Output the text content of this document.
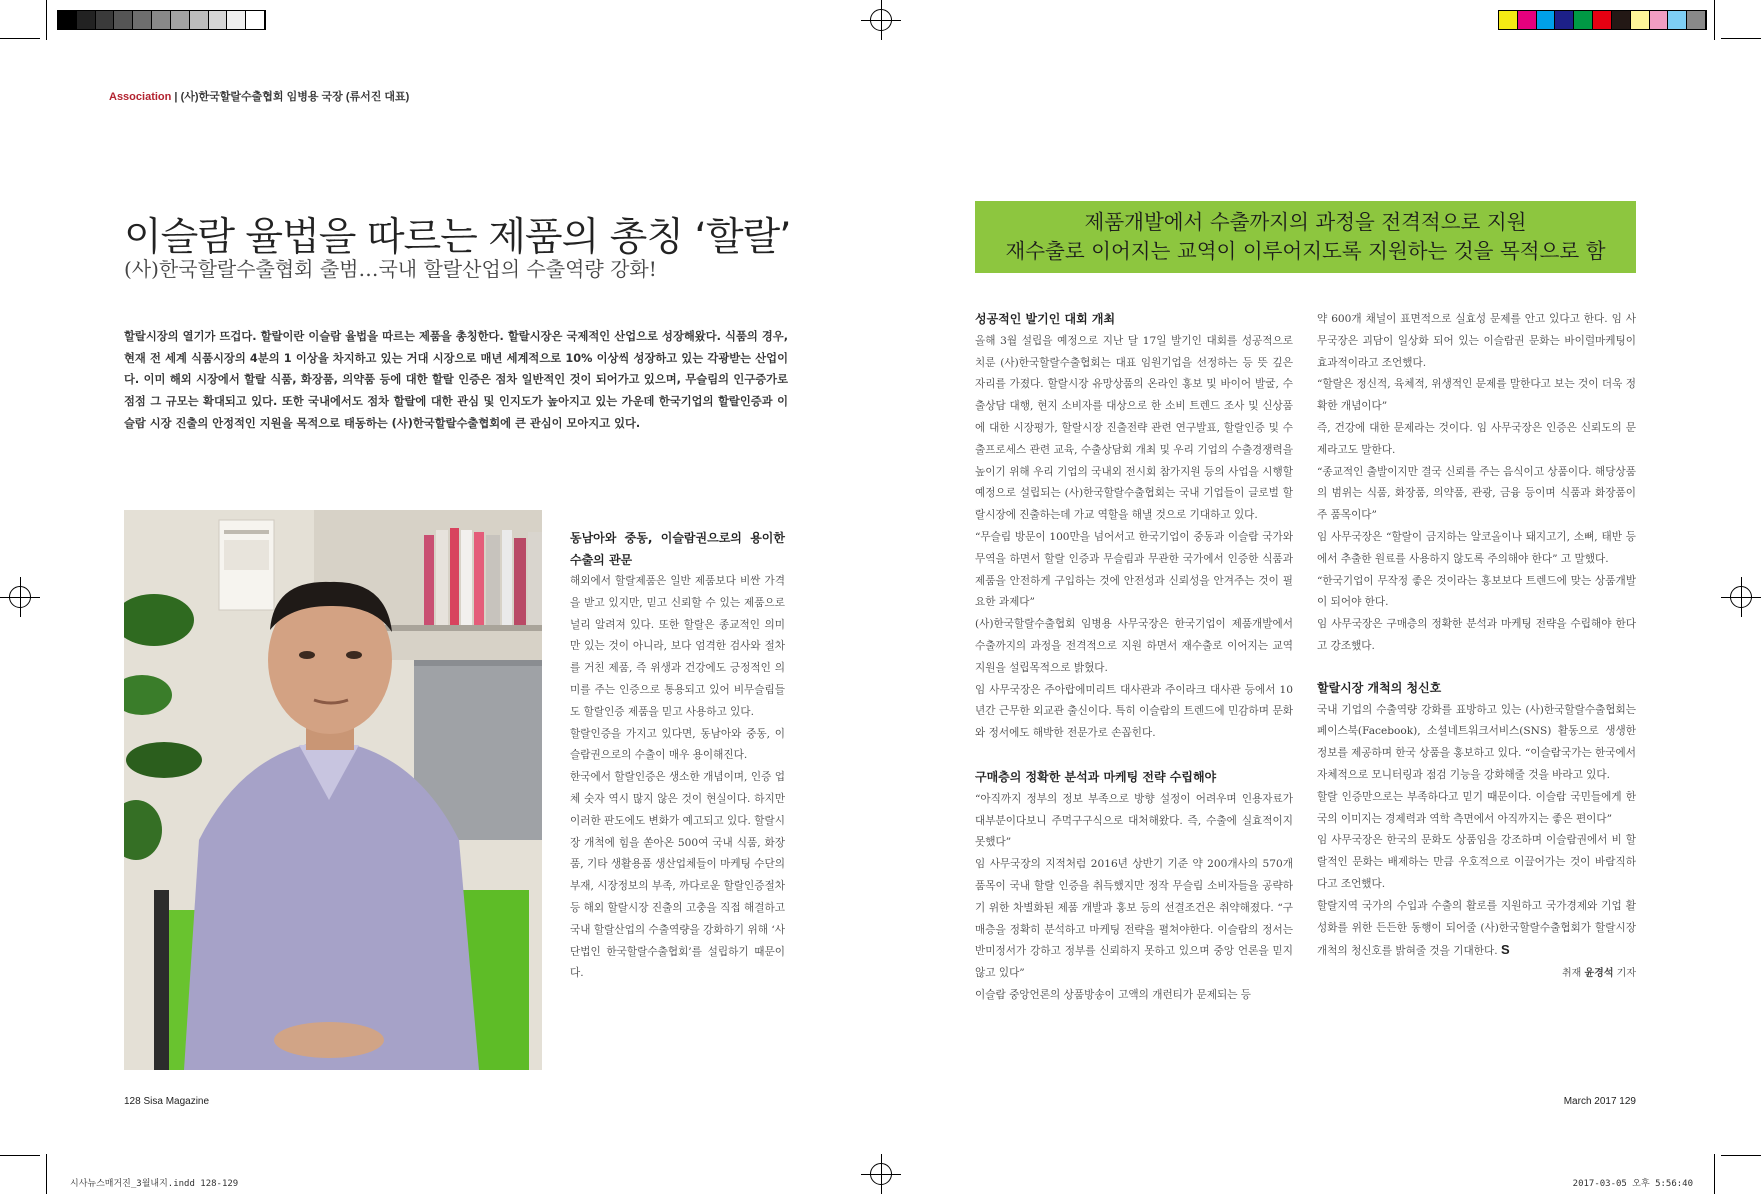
Association | (사)한국할랄수출협회 임병용 국장 (류서진 대표)
이슬람 율법을 따르는 제품의 총칭 ‘할랄’
(사)한국할랄수출협회 출범…국내 할랄산업의 수출역량 강화!
할랄시장의 열기가 뜨겁다. 할랄이란 이슬람 율법을 따르는 제품을 총칭한다. 할랄시장은 국제적인 산업으로 성장해왔다. 식품의 경우, 현재 전 세계 식품시장의 4분의 1 이상을 차지하고 있는 거대 시장으로 매년 세계적으로 10% 이상씩 성장하고 있는 각광받는 산업이다. 이미 해외 시장에서 할랄 식품, 화장품, 의약품 등에 대한 할랄 인증은 점차 일반적인 것이 되어가고 있으며, 무슬림의 인구증가로 점점 그 규모는 확대되고 있다. 또한 국내에서도 점차 할랄에 대한 관심 및 인지도가 높아지고 있는 가운데 한국기업의 할랄인증과 이슬람 시장 진출의 안정적인 지원을 목적으로 태동하는 (사)한국할랄수출협회에 큰 관심이 모아지고 있다.

동남아와 중동, 이슬람권으로의 용이한 수출의 관문

해외에서 할랄제품은 일반 제품보다 비싼 가격을 받고 있지만, 믿고 신뢰할 수 있는 제품으로 널리 알려져 있다. 또한 할랄은 종교적인 의미만 있는 것이 아니라, 보다 엄격한 검사와 절차를 거친 제품, 즉 위생과 건강에도 긍정적인 의미를 주는 인증으로 통용되고 있어 비무슬림들도 할랄인증 제품을 믿고 사용하고 있다.

할랄인증을 가지고 있다면, 동남아와 중동, 이슬람권으로의 수출이 매우 용이해진다.

한국에서 할랄인증은 생소한 개념이며, 인증 업체 숫자 역시 많지 않은 것이 현실이다. 하지만 이러한 판도에도 변화가 예고되고 있다. 할랄시장 개척에 힘을 쏟아온 500여 국내 식품, 화장품, 기타 생활용품 생산업체들이 마케팅 수단의 부재, 시장정보의 부족, 까다로운 할랄인증절차 등 해외 할랄시장 진출의 고충을 직접 해결하고 국내 할랄산업의 수출역량을 강화하기 위해 ‘사단법인 한국할랄수출협회’를 설립하기 때문이다.

제품개발에서 수출까지의 과정을 전격적으로 지원
재수출로 이어지는 교역이 이루어지도록 지원하는 것을 목적으로 함

성공적인 발기인 대회 개최

올해 3월 설립을 예정으로 지난 달 17일 발기인 대회를 성공적으로 치룬 (사)한국할랄수출협회는 대표 임원기업을 선정하는 등 뜻 깊은 자리를 가졌다. 할랄시장 유망상품의 온라인 홍보 및 바이어 발굴, 수출상담 대행, 현지 소비자를 대상으로 한 소비 트렌드 조사 및 신상품에 대한 시장평가, 할랄시장 진출전략 관련 연구발표, 할랄인증 및 수출프로세스 관련 교육, 수출상담회 개최 및 우리 기업의 수출경쟁력을 높이기 위해 우리 기업의 국내외 전시회 참가지원 등의 사업을 시행할 예정으로 설립되는 (사)한국할랄수출협회는 국내 기업들이 글로벌 할랄시장에 진출하는데 가교 역할을 해낼 것으로 기대하고 있다.

“무슬림 방문이 100만을 넘어서고 한국기업이 중동과 이슬람 국가와 무역을 하면서 할랄 인증과 무슬림과 무관한 국가에서 인증한 식품과 제품을 안전하게 구입하는 것에 안전성과 신뢰성을 안겨주는 것이 필요한 과제다”

(사)한국할랄수출협회 임병용 사무국장은 한국기업이 제품개발에서 수출까지의 과정을 전격적으로 지원 하면서 재수출로 이어지는 교역 지원을 설립목적으로 밝혔다.

임 사무국장은 주아랍에미리트 대사관과 주이라크 대사관 등에서 10년간 근무한 외교관 출신이다. 특히 이슬람의 트렌드에 민감하며 문화와 정서에도 해박한 전문가로 손꼽힌다.

구매층의 정확한 분석과 마케팅 전략 수립해야

“아직까지 정부의 정보 부족으로 방향 설정이 어려우며 인용자료가 대부분이다보니 주먹구구식으로 대처해왔다. 즉, 수출에 실효적이지 못했다”

임 사무국장의 지적처럼 2016년 상반기 기준 약 200개사의 570개 품목이 국내 할랄 인증을 취득했지만 정작 무슬림 소비자들을 공략하기 위한 차별화된 제품 개발과 홍보 등의 선결조건은 취약해졌다. “구매층을 정확히 분석하고 마케팅 전략을 펼쳐야한다. 이슬람의 정서는 반미정서가 강하고 정부를 신뢰하지 못하고 있으며 중앙 언론을 믿지 않고 있다”

이슬람 중앙언론의 상품방송이 고액의 개런티가 문제되는 등

약 600개 채널이 표면적으로 실효성 문제를 안고 있다고 한다. 임 사무국장은 괴담이 일상화 되어 있는 이슬람권 문화는 바이럴마케팅이 효과적이라고 조언했다.

“할랄은 정신적, 육체적, 위생적인 문제를 말한다고 보는 것이 더욱 정확한 개념이다”

즉, 건강에 대한 문제라는 것이다. 임 사무국장은 인증은 신뢰도의 문제라고도 말한다.

“종교적인 출발이지만 결국 신뢰를 주는 음식이고 상품이다. 해당상품의 범위는 식품, 화장품, 의약품, 관광, 금융 등이며 식품과 화장품이 주 품목이다”

임 사무국장은 “할랄이 금지하는 알코올이나 돼지고기, 소뼈, 태반 등에서 추출한 원료를 사용하지 않도록 주의해야 한다” 고 말했다.

“한국기업이 무작정 좋은 것이라는 홍보보다 트렌드에 맞는 상품개발이 되어야 한다.

임 사무국장은 구매층의 정확한 분석과 마케팅 전략을 수립해야 한다고 강조했다.

할랄시장 개척의 청신호

국내 기업의 수출역량 강화를 표방하고 있는 (사)한국할랄수출협회는 페이스북(Facebook), 소셜네트워크서비스(SNS) 활동으로 생생한 정보를 제공하며 한국 상품을 홍보하고 있다. “이슬람국가는 한국에서 자체적으로 모니터링과 점검 기능을 강화해줄 것을 바라고 있다.

할랄 인증만으로는 부족하다고 믿기 때문이다. 이슬람 국민들에게 한국의 이미지는 경제력과 역학 측면에서 아직까지는 좋은 편이다”

임 사무국장은 한국의 문화도 상품임을 강조하며 이슬람권에서 비 할랄적인 문화는 배제하는 만큼 우호적으로 이끌어가는 것이 바람직하다고 조언했다.

할랄지역 국가의 수입과 수출의 활로를 지원하고 국가경제와 기업 활성화를 위한 든든한 동행이 되어줄 (사)한국할랄수출협회가 할랄시장 개척의 청신호를 밝혀줄 것을 기대한다. S

취재 윤경석 기자

128 Sisa Magazine	March 2017 129
시사뉴스매거진_3월내지.indd 128-129	2017-03-05 오후 5:56:40
